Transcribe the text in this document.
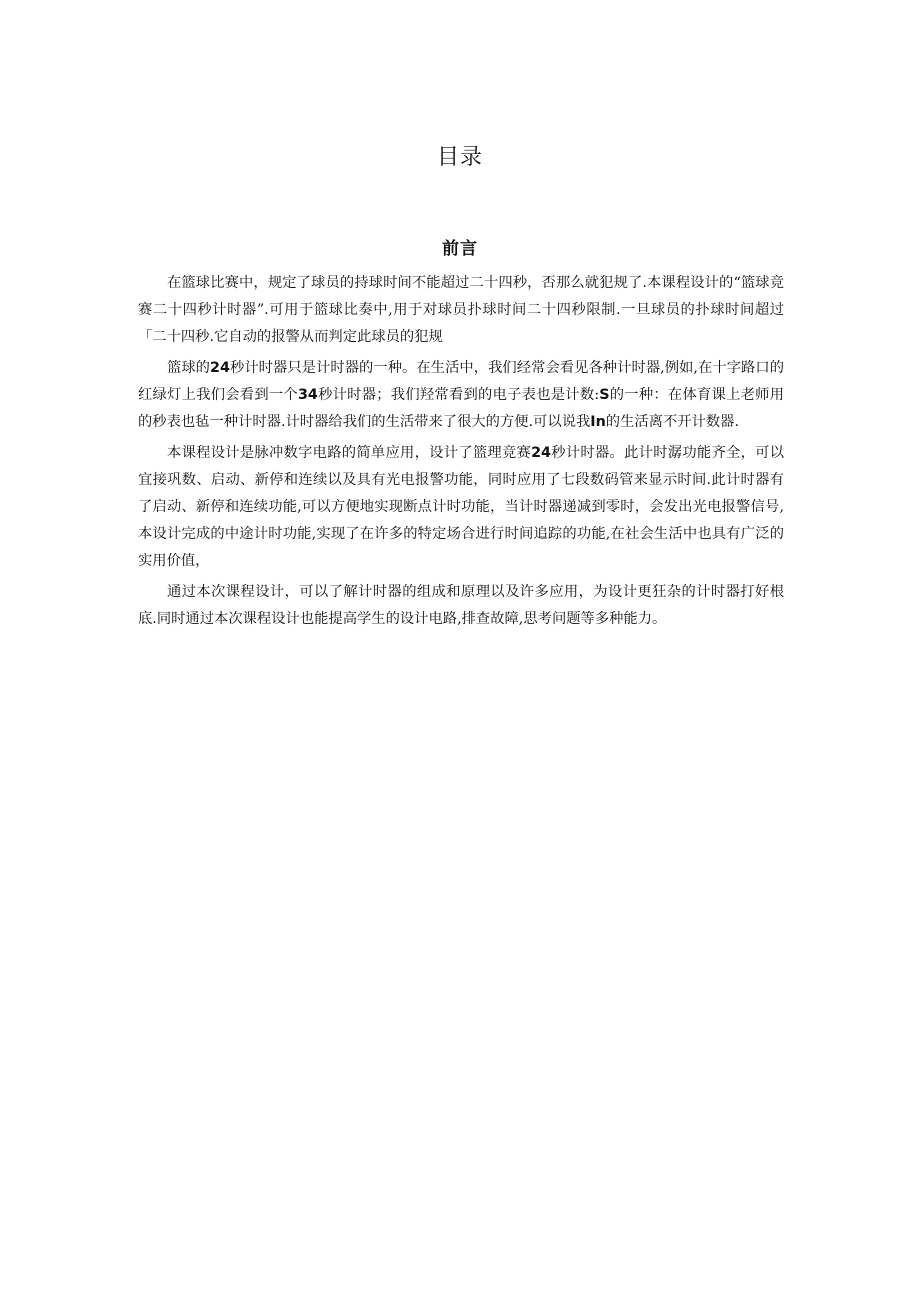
目录
前言

在篮球比赛中，规定了球员的持球时间不能超过二十四秒，否那么就犯规了.本课程设计的“篮球竞赛二十四秒计时器”.可用于篮球比奏中,用于对球员扑球时间二十四秒限制.一旦球员的扑球时间超过「二十四秒.它自动的报警从而判定此球员的犯规

篮球的24秒计时器只是计时器的一种。在生活中，我们经常会看见各种计时器,例如,在十字路口的红绿灯上我们会看到一个34秒计时器；我们羟常看到的电子表也是计数:S的一种：在体育课上老师用的秒表也毡一种计时器.计时器给我们的生活带来了很大的方便.可以说我In的生活离不开计数器.

本课程设计是脉冲数字电路的简单应用，设计了篮理竞赛24秒计时器。此计时潺功能齐全，可以宜接巩数、启动、新停和连续以及具有光电报警功能，同时应用了七段数码管来显示时间.此计时器有了启动、新停和连续功能,可以方便地实现断点计时功能，当计时器递减到零时，会发出光电报警信号,本设计完成的中途计时功能,实现了在许多的特定场合进行时间追踪的功能,在社会生活中也具有广泛的实用价值，

通过本次课程设计，可以了解计时器的组成和原理以及许多应用，为设计更狂杂的计时器打好根底.同时通过本次课程设计也能提高学生的设计电路,排查故障,思考问题等多种能力。
